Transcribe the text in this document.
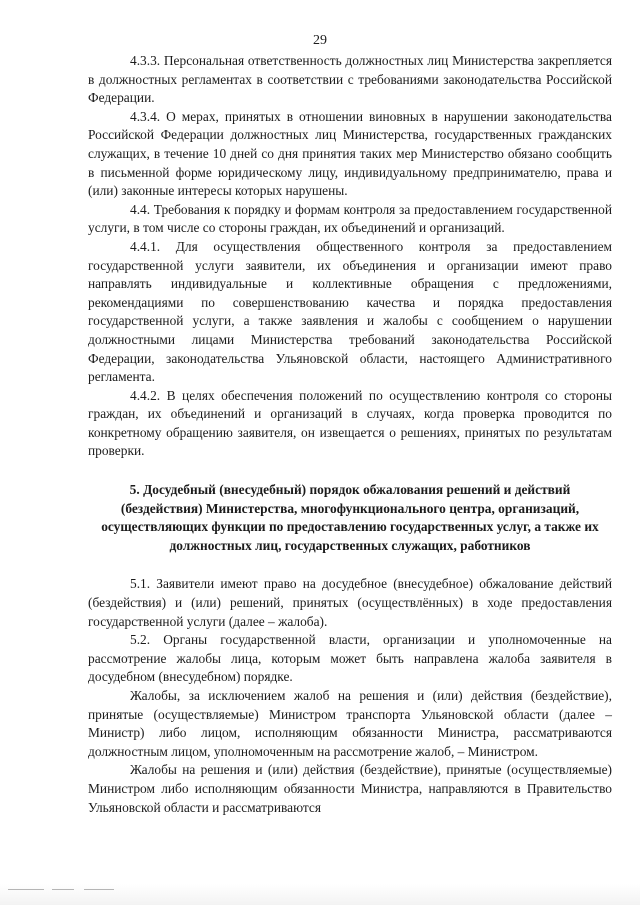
29

4.3.3. Персональная ответственность должностных лиц Министерства закрепляется в должностных регламентах в соответствии с требованиями законодательства Российской Федерации.

4.3.4. О мерах, принятых в отношении виновных в нарушении законодательства Российской Федерации должностных лиц Министерства, государственных гражданских служащих, в течение 10 дней со дня принятия таких мер Министерство обязано сообщить в письменной форме юридическому лицу, индивидуальному предпринимателю, права и (или) законные интересы которых нарушены.

4.4. Требования к порядку и формам контроля за предоставлением государственной услуги, в том числе со стороны граждан, их объединений и организаций.

4.4.1. Для осуществления общественного контроля за предоставлением государственной услуги заявители, их объединения и организации имеют право направлять индивидуальные и коллективные обращения с предложениями, рекомендациями по совершенствованию качества и порядка предоставления государственной услуги, а также заявления и жалобы с сообщением о нарушении должностными лицами Министерства требований законодательства Российской Федерации, законодательства Ульяновской области, настоящего Административного регламента.

4.4.2. В целях обеспечения положений по осуществлению контроля со стороны граждан, их объединений и организаций в случаях, когда проверка проводится по конкретному обращению заявителя, он извещается о решениях, принятых по результатам проверки.

5. Досудебный (внесудебный) порядок обжалования решений и действий (бездействия) Министерства, многофункционального центра, организаций, осуществляющих функции по предоставлению государственных услуг, а также их должностных лиц, государственных служащих, работников

5.1. Заявители имеют право на досудебное (внесудебное) обжалование действий (бездействия) и (или) решений, принятых (осуществлённых) в ходе предоставления государственной услуги (далее – жалоба).

5.2. Органы государственной власти, организации и уполномоченные на рассмотрение жалобы лица, которым может быть направлена жалоба заявителя в досудебном (внесудебном) порядке.

Жалобы, за исключением жалоб на решения и (или) действия (бездействие), принятые (осуществляемые) Министром транспорта Ульяновской области (далее – Министр) либо лицом, исполняющим обязанности Министра, рассматриваются должностным лицом, уполномоченным на рассмотрение жалоб, – Министром.

Жалобы на решения и (или) действия (бездействие), принятые (осуществляемые) Министром либо исполняющим обязанности Министра, направляются в Правительство Ульяновской области и рассматриваются
